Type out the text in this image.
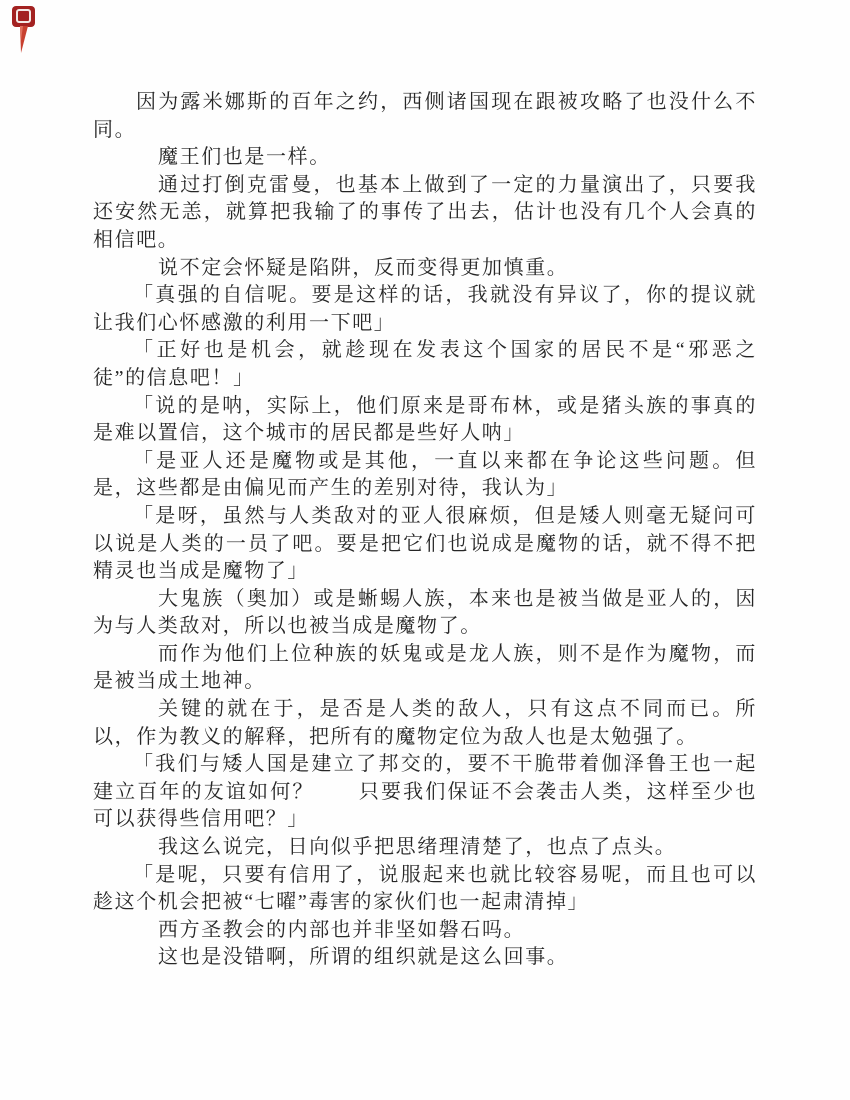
因为露米娜斯的百年之约，西侧诸国现在跟被攻略了也没什么不同。

魔王们也是一样。

通过打倒克雷曼，也基本上做到了一定的力量演出了，只要我还安然无恙，就算把我输了的事传了出去，估计也没有几个人会真的相信吧。

说不定会怀疑是陷阱，反而变得更加慎重。

「真强的自信呢。要是这样的话，我就没有异议了，你的提议就让我们心怀感激的利用一下吧」

「正好也是机会，就趁现在发表这个国家的居民不是“邪恶之徒”的信息吧！」

「说的是呐，实际上，他们原来是哥布林，或是猪头族的事真的是难以置信，这个城市的居民都是些好人呐」

「是亚人还是魔物或是其他，一直以来都在争论这些问题。但是，这些都是由偏见而产生的差别对待，我认为」

「是呀，虽然与人类敌对的亚人很麻烦，但是矮人则毫无疑问可以说是人类的一员了吧。要是把它们也说成是魔物的话，就不得不把精灵也当成是魔物了」

大鬼族（奥加）或是蜥蜴人族，本来也是被当做是亚人的，因为与人类敌对，所以也被当成是魔物了。

而作为他们上位种族的妖鬼或是龙人族，则不是作为魔物，而是被当成土地神。

关键的就在于，是否是人类的敌人，只有这点不同而已。所以，作为教义的解释，把所有的魔物定位为敌人也是太勉强了。

「我们与矮人国是建立了邦交的，要不干脆带着伽泽鲁王也一起建立百年的友谊如何？　　只要我们保证不会袭击人类，这样至少也可以获得些信用吧？」

我这么说完，日向似乎把思绪理清楚了，也点了点头。

「是呢，只要有信用了，说服起来也就比较容易呢，而且也可以趁这个机会把被“七曜”毒害的家伙们也一起肃清掉」

西方圣教会的内部也并非坚如磐石吗。

这也是没错啊，所谓的组织就是这么回事。
